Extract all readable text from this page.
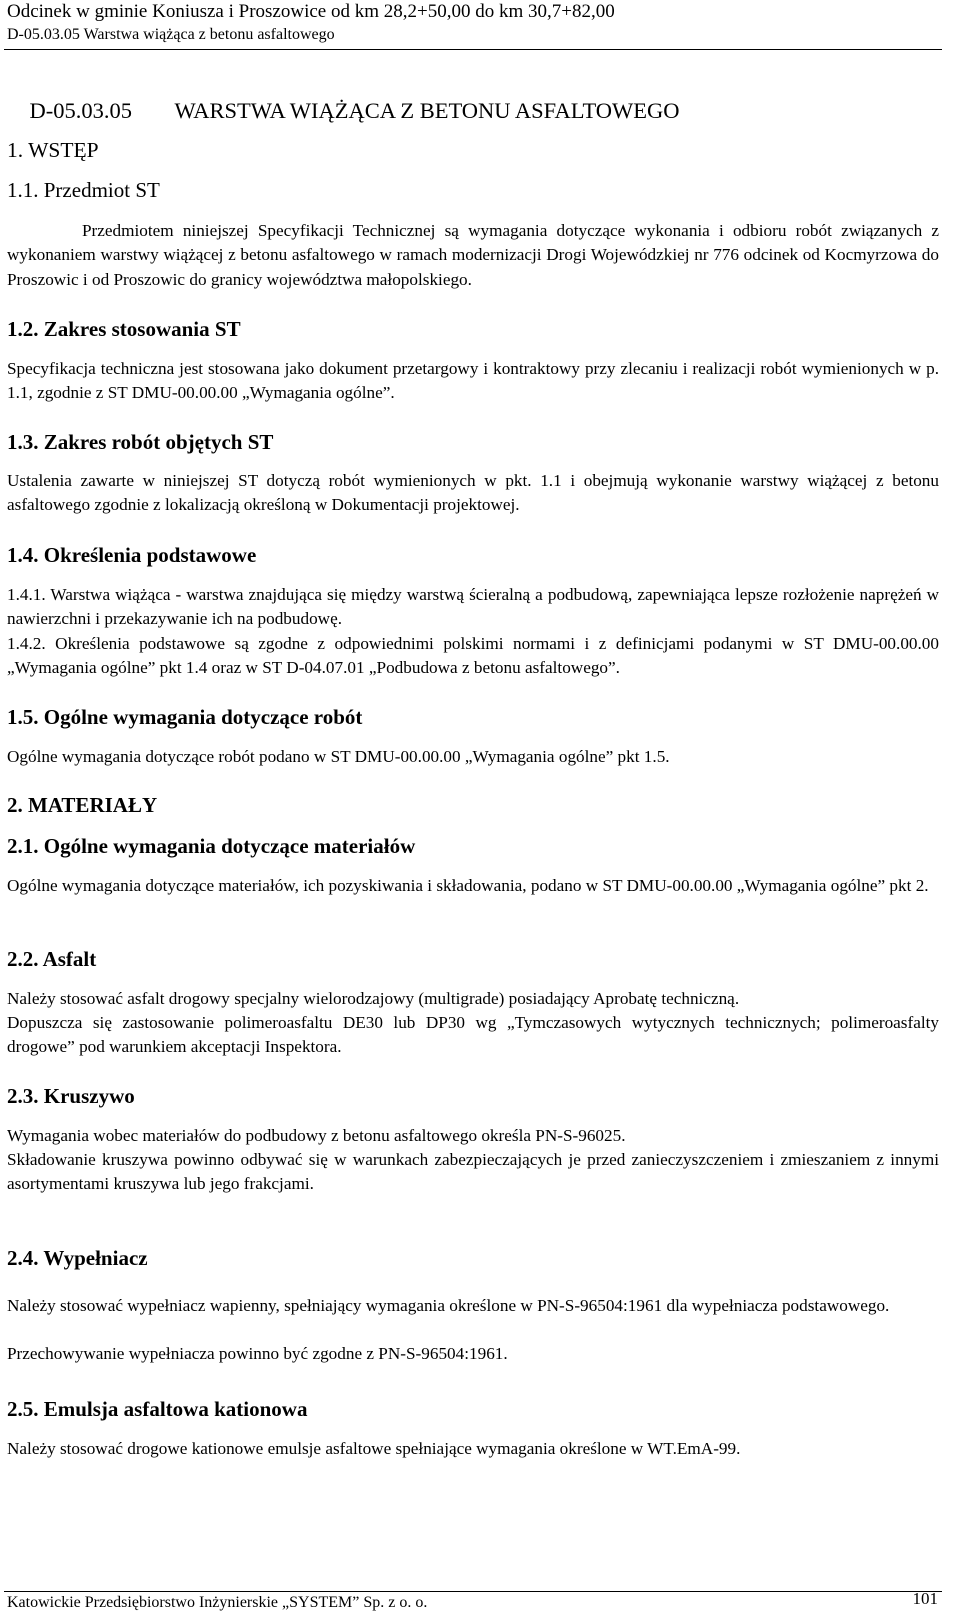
Odcinek w gminie Koniusza i Proszowice od km 28,2+50,00 do km 30,7+82,00
D-05.03.05 Warstwa wiążąca z betonu asfaltowego

D-05.03.05 WARSTWA WIĄŻĄCA Z BETONU ASFALTOWEGO

1. WSTĘP
1.1. Przedmiot ST
Przedmiotem niniejszej Specyfikacji Technicznej są wymagania dotyczące wykonania i odbioru robót związanych z wykonaniem warstwy wiążącej z betonu asfaltowego w ramach modernizacji Drogi Wojewódzkiej nr 776 odcinek od Kocmyrzowa do Proszowic i od Proszowic do granicy województwa małopolskiego.
1.2. Zakres stosowania ST
Specyfikacja techniczna jest stosowana jako dokument przetargowy i kontraktowy przy zlecaniu i realizacji robót wymienionych w p. 1.1, zgodnie z ST DMU-00.00.00 „Wymagania ogólne”.
1.3. Zakres robót objętych ST
Ustalenia zawarte w niniejszej ST dotyczą robót wymienionych w pkt. 1.1 i obejmują wykonanie warstwy wiążącej z betonu asfaltowego zgodnie z lokalizacją określoną w Dokumentacji projektowej.
1.4. Określenia podstawowe
1.4.1. Warstwa wiążąca - warstwa znajdująca się między warstwą ścieralną a podbudową, zapewniająca lepsze rozłożenie naprężeń w nawierzchni i przekazywanie ich na podbudowę.
1.4.2. Określenia podstawowe są zgodne z odpowiednimi polskimi normami i z definicjami podanymi w ST DMU-00.00.00 „Wymagania ogólne” pkt 1.4 oraz w ST D-04.07.01 „Podbudowa z betonu asfaltowego”.
1.5. Ogólne wymagania dotyczące robót
Ogólne wymagania dotyczące robót podano w ST DMU-00.00.00 „Wymagania ogólne” pkt 1.5.
2. MATERIAŁY
2.1. Ogólne wymagania dotyczące materiałów
Ogólne wymagania dotyczące materiałów, ich pozyskiwania i składowania, podano w ST DMU-00.00.00 „Wymagania ogólne” pkt 2.
2.2. Asfalt
Należy stosować asfalt drogowy specjalny wielorodzajowy (multigrade) posiadający Aprobatę techniczną.
Dopuszcza się zastosowanie polimeroasfaltu DE30 lub DP30 wg „Tymczasowych wytycznych technicznych; polimeroasfalty drogowe” pod warunkiem akceptacji Inspektora.
2.3. Kruszywo
Wymagania wobec materiałów do podbudowy z betonu asfaltowego określa PN-S-96025.
Składowanie kruszywa powinno odbywać się w warunkach zabezpieczających je przed zanieczyszczeniem i zmieszaniem z innymi asortymentami kruszywa lub jego frakcjami.
2.4. Wypełniacz
Należy stosować wypełniacz wapienny, spełniający wymagania określone w PN-S-96504:1961 dla wypełniacza podstawowego.
Przechowywanie wypełniacza powinno być zgodne z PN-S-96504:1961.
2.5. Emulsja asfaltowa kationowa
Należy stosować drogowe kationowe emulsje asfaltowe spełniające wymagania określone w WT.EmA-99.
Katowickie Przedsiębiorstwo Inżynierskie „SYSTEM” Sp. z o. o.	101
